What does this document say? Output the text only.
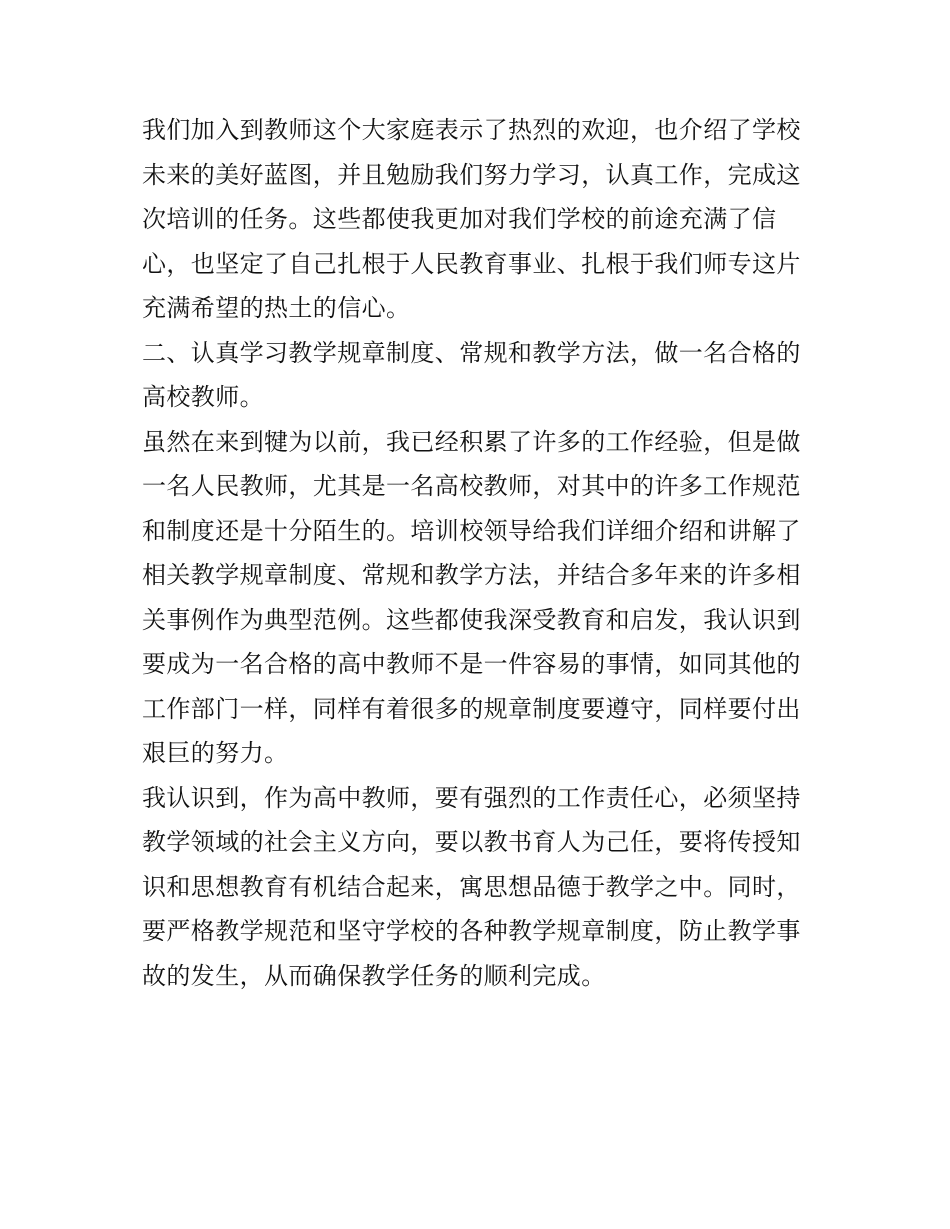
我们加入到教师这个大家庭表示了热烈的欢迎，也介绍了学校
未来的美好蓝图，并且勉励我们努力学习，认真工作，完成这
次培训的任务。这些都使我更加对我们学校的前途充满了信
心，也坚定了自己扎根于人民教育事业、扎根于我们师专这片
充满希望的热土的信心。
二、认真学习教学规章制度、常规和教学方法，做一名合格的
高校教师。
虽然在来到犍为以前，我已经积累了许多的工作经验，但是做
一名人民教师，尤其是一名高校教师，对其中的许多工作规范
和制度还是十分陌生的。培训校领导给我们详细介绍和讲解了
相关教学规章制度、常规和教学方法，并结合多年来的许多相
关事例作为典型范例。这些都使我深受教育和启发，我认识到
要成为一名合格的高中教师不是一件容易的事情，如同其他的
工作部门一样，同样有着很多的规章制度要遵守，同样要付出
艰巨的努力。
我认识到，作为高中教师，要有强烈的工作责任心，必须坚持
教学领域的社会主义方向，要以教书育人为己任，要将传授知
识和思想教育有机结合起来，寓思想品德于教学之中。同时，
要严格教学规范和坚守学校的各种教学规章制度，防止教学事
故的发生，从而确保教学任务的顺利完成。
